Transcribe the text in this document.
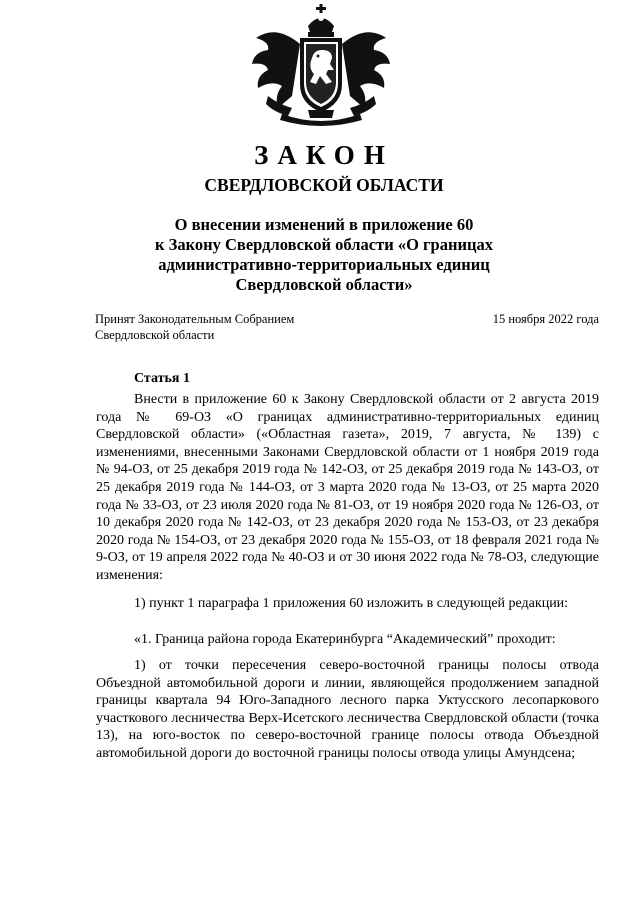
ЗАКОН
СВЕРДЛОВСКОЙ ОБЛАСТИ
О внесении изменений в приложение 60
к Закону Свердловской области «О границах
административно-территориальных единиц
Свердловской области»
Принят Законодательным Собранием
Свердловской области
15 ноября 2022 года
Статья 1

Внести в приложение 60 к Закону Свердловской области от 2 августа 2019 года № 69-ОЗ «О границах административно-территориальных единиц Свердловской области» («Областная газета», 2019, 7 августа, № 139) с изменениями, внесенными Законами Свердловской области от 1 ноября 2019 года № 94-ОЗ, от 25 декабря 2019 года № 142-ОЗ, от 25 декабря 2019 года № 143-ОЗ, от 25 декабря 2019 года № 144-ОЗ, от 3 марта 2020 года № 13-ОЗ, от 25 марта 2020 года № 33-ОЗ, от 23 июля 2020 года № 81-ОЗ, от 19 ноября 2020 года № 126-ОЗ, от 10 декабря 2020 года № 142-ОЗ, от 23 декабря 2020 года № 153-ОЗ, от 23 декабря 2020 года № 154-ОЗ, от 23 декабря 2020 года № 155-ОЗ, от 18 февраля 2021 года № 9-ОЗ, от 19 апреля 2022 года № 40-ОЗ и от 30 июня 2022 года № 78-ОЗ, следующие изменения:

1) пункт 1 параграфа 1 приложения 60 изложить в следующей редакции:

«1. Граница района города Екатеринбурга “Академический” проходит:

1) от точки пересечения северо-восточной границы полосы отвода Объездной автомобильной дороги и линии, являющейся продолжением западной границы квартала 94 Юго-Западного лесного парка Уктусского лесопаркового участкового лесничества Верх-Исетского лесничества Свердловской области (точка 13), на юго-восток по северо-восточной границе полосы отвода Объездной автомобильной дороги до восточной границы полосы отвода улицы Амундсена;
